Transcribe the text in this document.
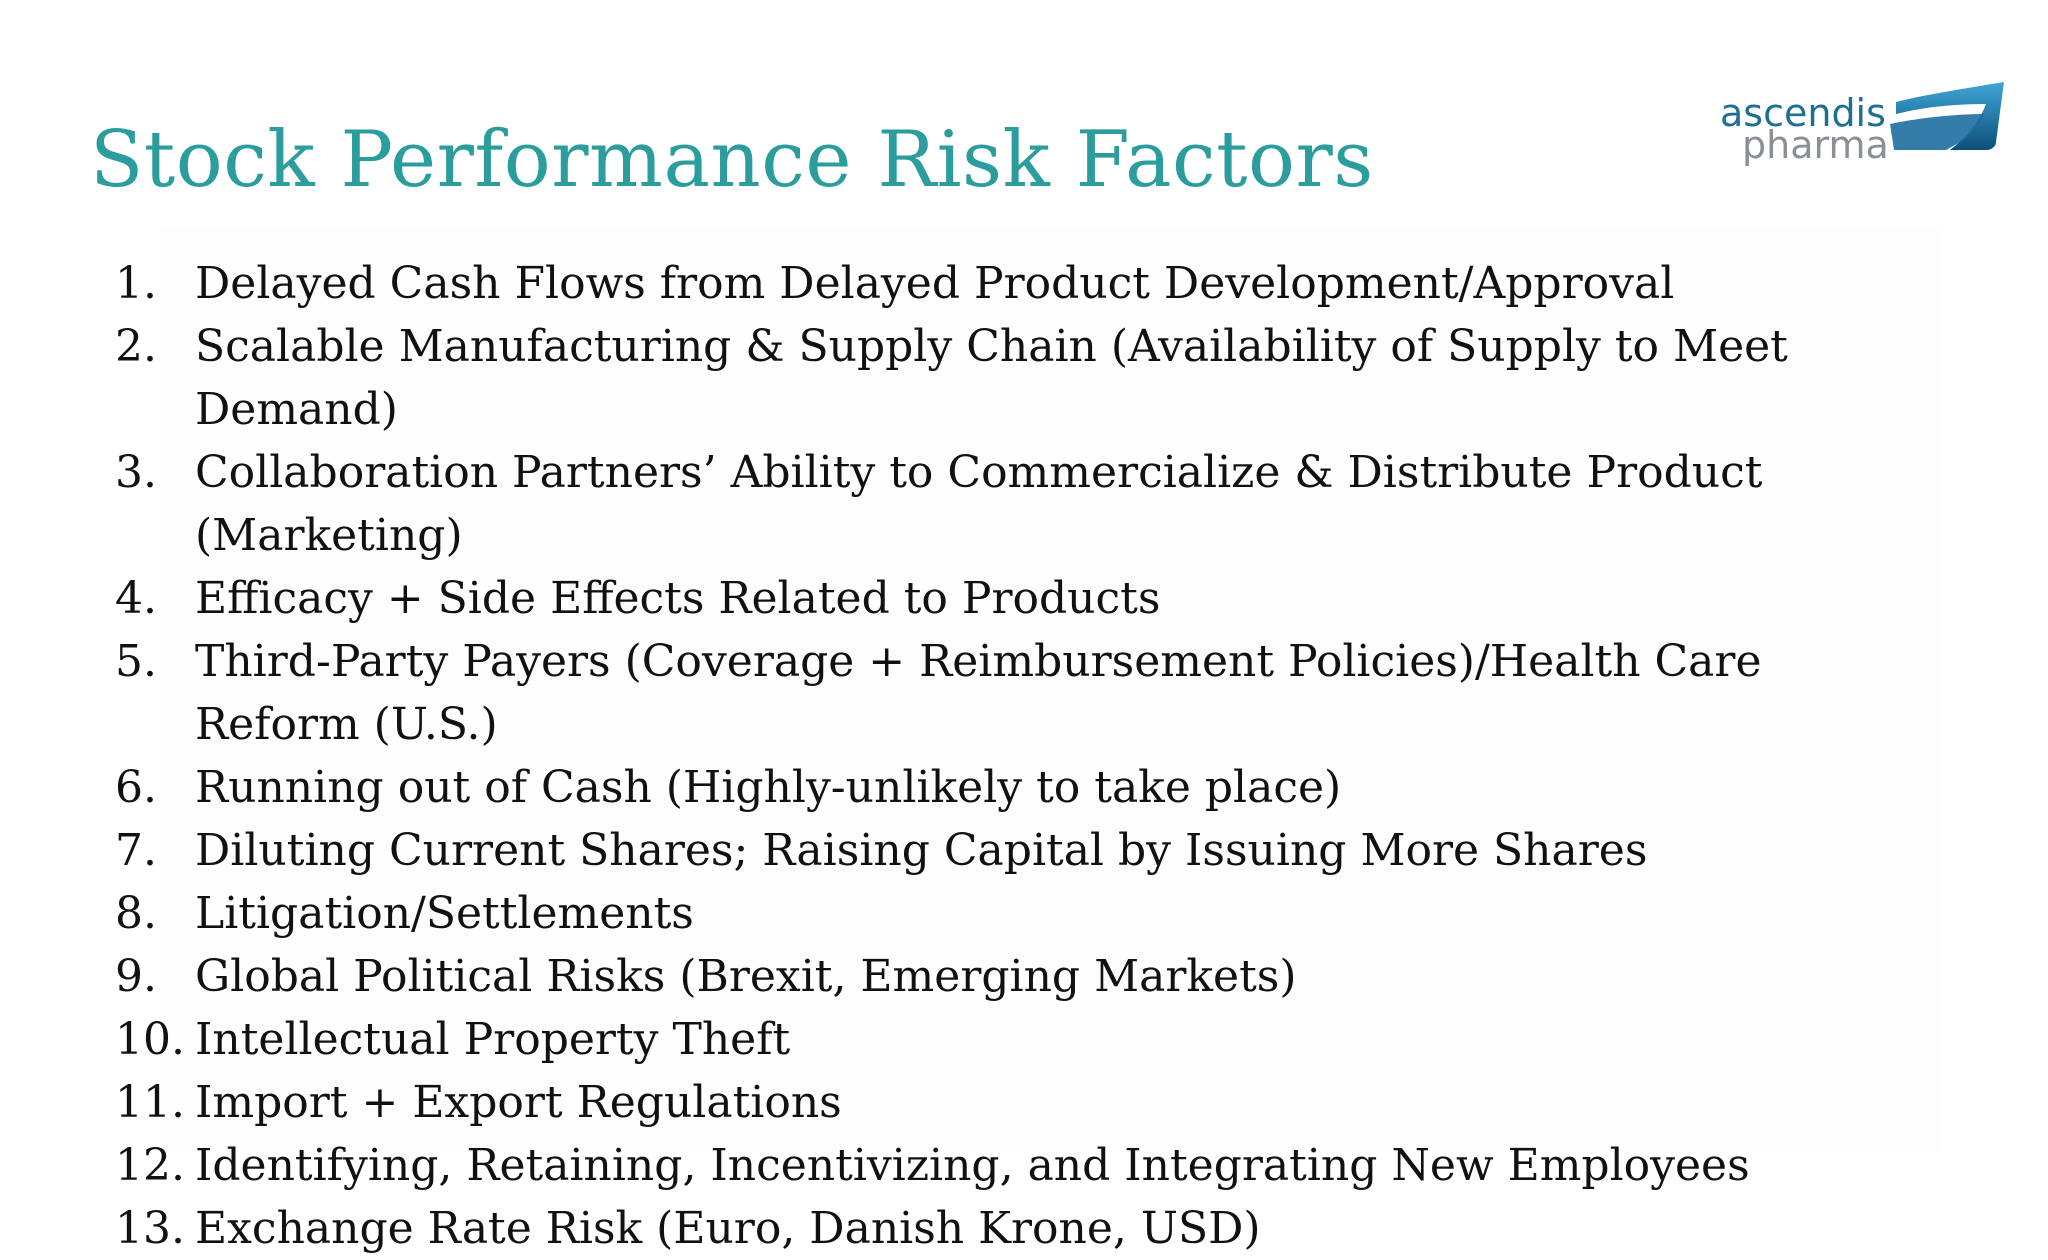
Stock Performance Risk Factors
ascendis
pharma
1. Delayed Cash Flows from Delayed Product Development/Approval
2. Scalable Manufacturing & Supply Chain (Availability of Supply to Meet Demand)
3. Collaboration Partners’ Ability to Commercialize & Distribute Product (Marketing)
4. Efficacy + Side Effects Related to Products
5. Third-Party Payers (Coverage + Reimbursement Policies)/Health Care Reform (U.S.)
6. Running out of Cash (Highly-unlikely to take place)
7. Diluting Current Shares; Raising Capital by Issuing More Shares
8. Litigation/Settlements
9. Global Political Risks (Brexit, Emerging Markets)
10. Intellectual Property Theft
11. Import + Export Regulations
12. Identifying, Retaining, Incentivizing, and Integrating New Employees
13. Exchange Rate Risk (Euro, Danish Krone, USD)
